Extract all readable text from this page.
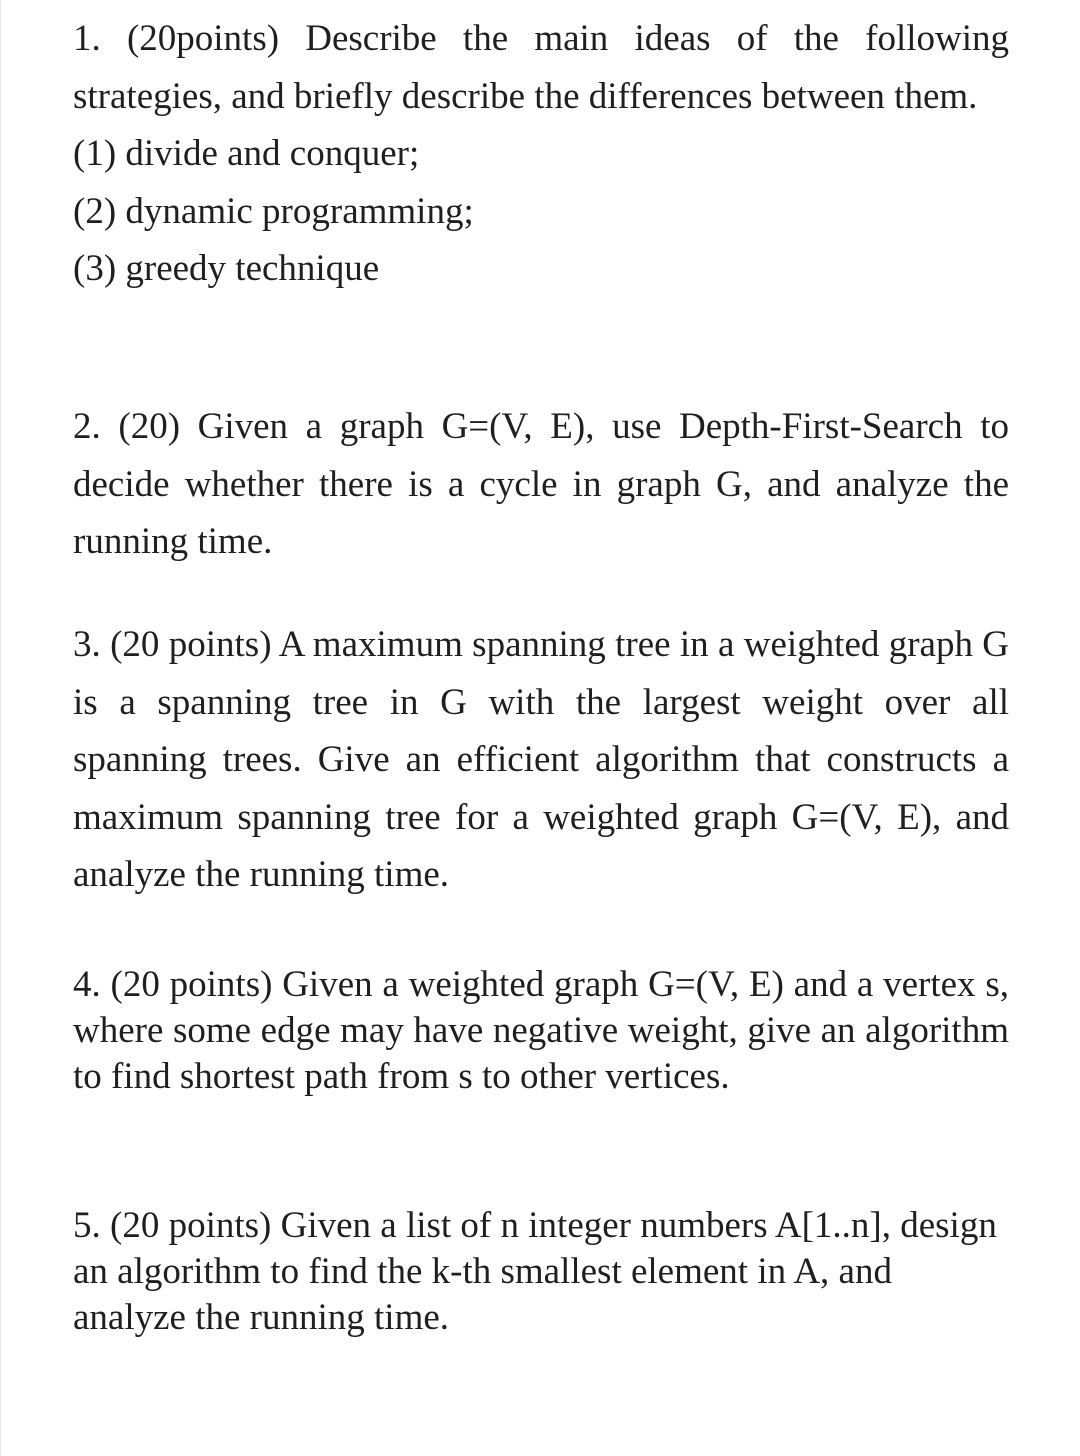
1. (20points) Describe the main ideas of the following strategies, and briefly describe the differences between them.

(1) divide and conquer;

(2) dynamic programming;

(3) greedy technique

2. (20) Given a graph G=(V, E), use Depth-First-Search to decide whether there is a cycle in graph G, and analyze the running time.

3. (20 points) A maximum spanning tree in a weighted graph G is a spanning tree in G with the largest weight over all spanning trees. Give an efficient algorithm that constructs a maximum spanning tree for a weighted graph G=(V, E), and analyze the running time.

4. (20 points) Given a weighted graph G=(V, E) and a vertex s, where some edge may have negative weight, give an algorithm to find shortest path from s to other vertices.

5. (20 points) Given a list of n integer numbers A[1..n], design an algorithm to find the k-th smallest element in A, and analyze the running time.
